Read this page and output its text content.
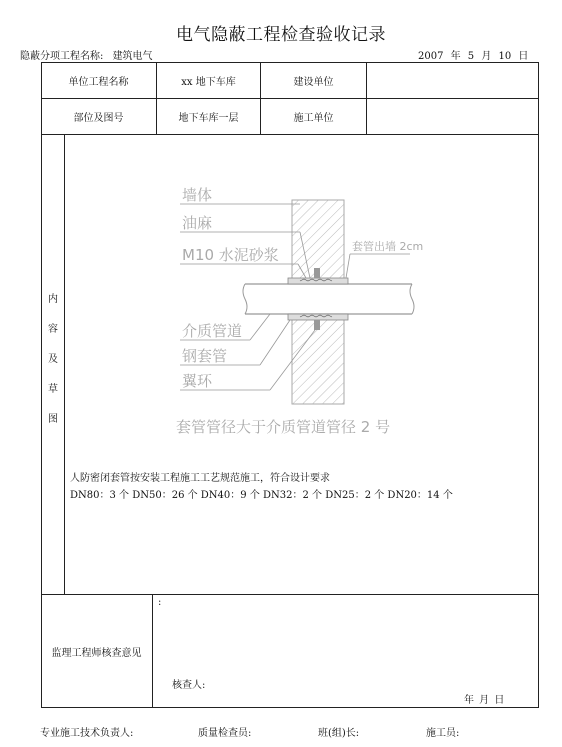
电气隐蔽工程检查验收记录
隐蔽分项工程名称: 建筑电气	2007 年 5 月 10 日
单位工程名称	xx 地下车库	建设单位
部位及图号	地下车库一层	施工单位
内
容
及
草
图
墙体
油麻
M10 水泥砂浆	套管出墙 2cm
介质管道
钢套管
翼环
套管管径大于介质管道管径 2 号
人防密闭套管按安装工程施工工艺规范施工，符合设计要求
DN80：3 个 DN50：26 个 DN40：9 个 DN32：2 个 DN25：2 个 DN20：14 个
监理工程师核查意见
:
核查人:
年 月 日
专业施工技术负责人:	质量检查员:	班(组)长:	施工员:
